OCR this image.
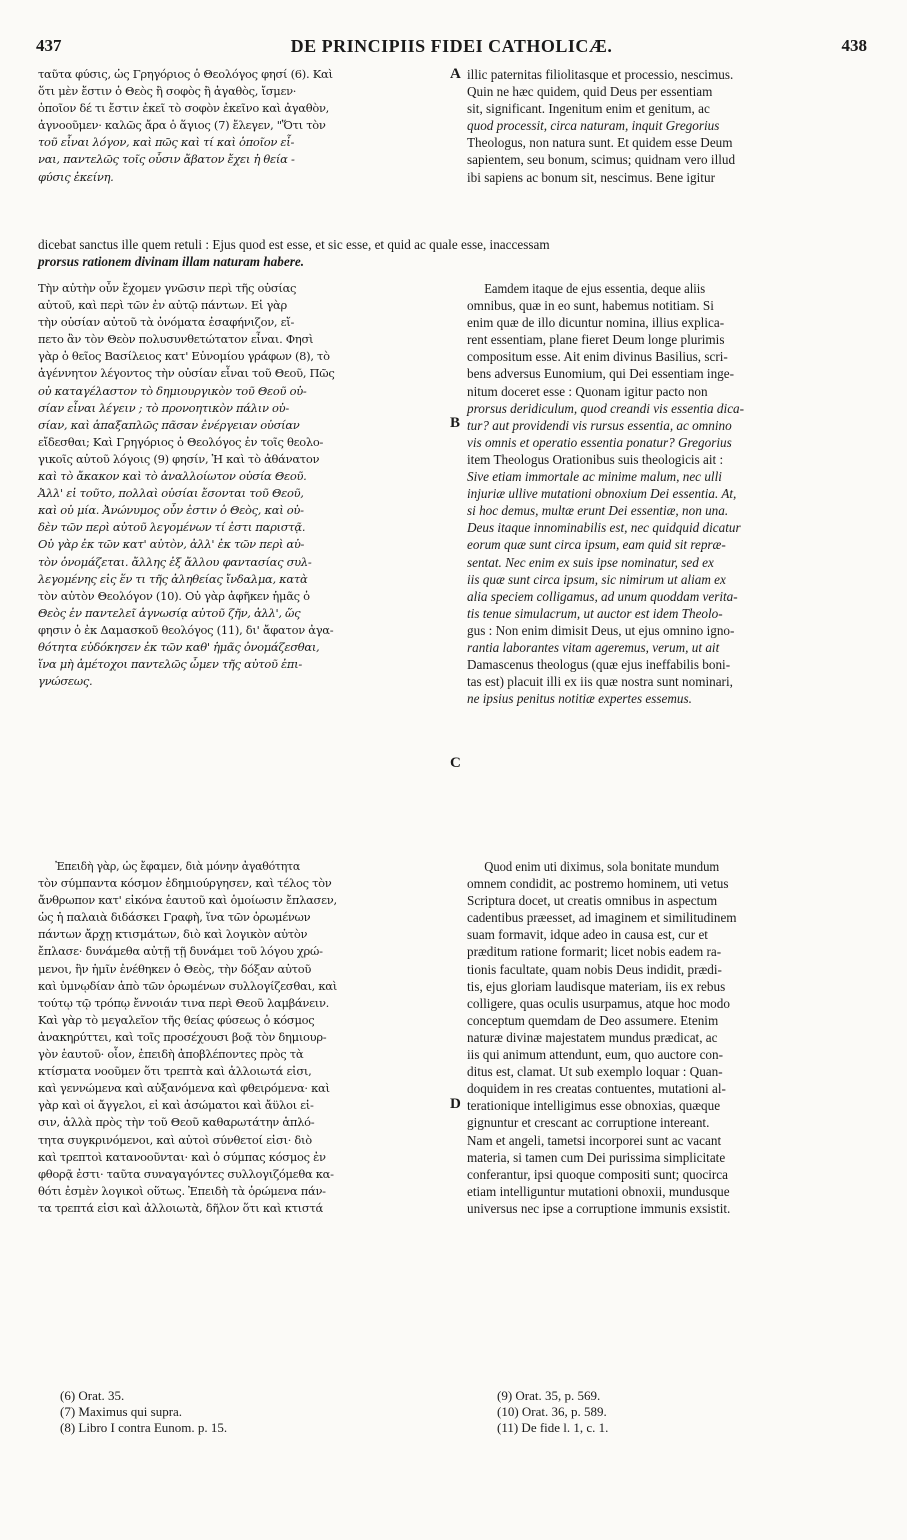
437	DE PRINCIPIIS FIDEI CATHOLICÆ.	438
ταῦτα φύσις, ὡς Γρηγόριος ὁ Θεολόγος φησί (6). Καὶ
ὅτι μὲν ἔστιν ὁ Θεὸς ἢ σοφὸς ἢ ἀγαθὸς, ἴσμεν·
ὁποῖον δέ τι ἔστιν ἐκεῖ τὸ σοφὸν ἐκεῖνο καὶ ἀγαθὸν,
ἀγνοοῦμεν· καλῶς ἄρα ὁ ἅγιος (7) ἔλεγεν, "Ὅτι τὸν
τοῦ εἶναι λόγον, καὶ πῶς καὶ τί καὶ ὁποῖον εἶ-
ναι, παντελῶς τοῖς οὖσιν ἄβατον ἔχει ἡ θεία -
φύσις ἐκείνη.
A illic paternitas filiolitasque et processio, nescimus.
Quin ne hæc quidem, quid Deus per essentiam
sit, significant. Ingenitum enim et genitum, ac
quod processit, circa naturam, inquit Gregorius
Theologus, non natura sunt. Et quidem esse Deum
sapientem, seu bonum, scimus; quidnam vero illud
ibi sapiens ac bonum sit, nescimus. Bene igitur
dicebat sanctus ille quem retuli : Ejus quod est esse, et sic esse, et quid ac quale esse, inaccessam
prorsus rationem divinam illam naturam habere.
Τὴν αὐτὴν οὖν ἔχομεν γνῶσιν περὶ τῆς οὐσίας
αὐτοῦ, καὶ περὶ τῶν ἐν αὐτῷ πάντων. Εἰ γὰρ
τὴν οὐσίαν αὐτοῦ τὰ ὀνόματα ἐσαφήνιζον, εἴ-
πετο ἂν τὸν Θεὸν πολυσυνθετώτατον εἶναι. Φησὶ
γὰρ ὁ θεῖος Βασίλειος κατ' Εὐνομίου γράφων (8), τὸ
ἀγέννητον λέγοντος τὴν οὐσίαν εἶναι τοῦ Θεοῦ, Πῶς
οὐ καταγέλαστον τὸ δημιουργικὸν τοῦ Θεοῦ οὐ-
σίαν εἶναι λέγειν ; τὸ προνοητικὸν πάλιν οὐ-
σίαν, καὶ ἁπαξαπλῶς πᾶσαν ἐνέργειαν οὐσίαν
εἴδεσθαι; Καὶ Γρηγόριος ὁ Θεολόγος ἐν τοῖς θεολο-
γικοῖς αὐτοῦ λόγοις (9) φησίν, Ἡ καὶ τὸ ἀθάνατον
καὶ τὸ ἄκακον καὶ τὸ ἀναλλοίωτον οὐσία Θεοῦ.
Ἀλλ' εἰ τοῦτο, πολλαὶ οὐσίαι ἔσονται τοῦ Θεοῦ,
καὶ οὐ μία. Ἀνώνυμος οὖν ἐστιν ὁ Θεὸς, καὶ οὐ-
δὲν τῶν περὶ αὐτοῦ λεγομένων τί ἐστι παριστᾷ.
Οὐ γὰρ ἐκ τῶν κατ' αὐτὸν, ἀλλ' ἐκ τῶν περὶ αὐ-
τὸν ὀνομάζεται. ἄλλης ἐξ ἄλλου φαντασίας συλ-
λεγομένης εἰς ἕν τι τῆς ἀληθείας ἴνδαλμα, κατὰ
τὸν αὐτὸν Θεολόγον (10). Οὐ γὰρ ἀφῆκεν ἡμᾶς ὁ
Θεὸς ἐν παντελεῖ ἀγνωσίᾳ αὐτοῦ ζῆν, ἀλλ', ὥς
φησιν ὁ ἐκ Δαμασκοῦ θεολόγος (11), δι' ἄφατον ἀγα-
θότητα εὐδόκησεν ἐκ τῶν καθ' ἡμᾶς ὀνομάζεσθαι,
ἵνα μὴ ἀμέτοχοι παντελῶς ὦμεν τῆς αὐτοῦ ἐπι-
γνώσεως.
B
C
Eamdem itaque de ejus essentia, deque aliis
omnibus, quæ in eo sunt, habemus notitiam. Si
enim quæ de illo dicuntur nomina, illius explica-
rent essentiam, plane fieret Deum longe plurimis
compositum esse. Ait enim divinus Basilius, scri-
bens adversus Eunomium, qui Dei essentiam inge-
nitum doceret esse : Quonam igitur pacto non
prorsus deridiculum, quod creandi vis essentia dica-
tur? aut providendi vis rursus essentia, ac omnino
vis omnis et operatio essentia ponatur? Gregorius
item Theologus Orationibus suis theologicis ait :
Sive etiam immortale ac minime malum, nec ulli
injuriæ ullive mutationi obnoxium Dei essentia. At,
si hoc demus, multæ erunt Dei essentiæ, non una.
Deus itaque innominabilis est, nec quidquid dicatur
eorum quæ sunt circa ipsum, eam quid sit repræ-
sentat. Nec enim ex suis ipse nominatur, sed ex
iis quæ sunt circa ipsum, sic nimirum ut aliam ex
alia speciem colligamus, ad unum quoddam verita-
tis tenue simulacrum, ut auctor est idem Theolo-
gus : Non enim dimisit Deus, ut ejus omnino igno-
rantia laborantes vitam ageremus, verum, ut ait
Damascenus theologus (quæ ejus ineffabilis boni-
tas est) placuit illi ex iis quæ nostra sunt nominari,
ne ipsius penitus notitiæ expertes essemus.
Ἐπειδὴ γὰρ, ὡς ἔφαμεν, διὰ μόνην ἀγαθότητα
τὸν σύμπαντα κόσμον ἐδημιούργησεν, καὶ τέλος τὸν
ἄνθρωπον κατ' εἰκόνα ἑαυτοῦ καὶ ὁμοίωσιν ἔπλασεν,
ὡς ἡ παλαιὰ διδάσκει Γραφὴ, ἵνα τῶν ὁρωμένων
πάντων ἄρχῃ κτισμάτων, διὸ καὶ λογικὸν αὐτὸν
ἔπλασε· δυνάμεθα αὐτῇ τῇ δυνάμει τοῦ λόγου χρώ-
μενοι, ἣν ἡμῖν ἐνέθηκεν ὁ Θεὸς, τὴν δόξαν αὐτοῦ
καὶ ὑμνῳδίαν ἀπὸ τῶν ὁρωμένων συλλογίζεσθαι, καὶ
τούτῳ τῷ τρόπῳ ἔννοιάν τινα περὶ Θεοῦ λαμβάνειν.
Καὶ γὰρ τὸ μεγαλεῖον τῆς θείας φύσεως ὁ κόσμος
ἀνακηρύττει, καὶ τοῖς προσέχουσι βοᾷ τὸν δημιουρ-
γὸν ἑαυτοῦ· οἷον, ἐπειδὴ ἀποβλέποντες πρὸς τὰ
κτίσματα νοοῦμεν ὅτι τρεπτὰ καὶ ἀλλοιωτά εἰσι,
καὶ γεννώμενα καὶ αὐξανόμενα καὶ φθειρόμενα· καὶ
γὰρ καὶ οἱ ἄγγελοι, εἰ καὶ ἀσώματοι καὶ ἄϋλοι εἰ-
σιν, ἀλλὰ πρὸς τὴν τοῦ Θεοῦ καθαρωτάτην ἁπλό-
τητα συγκρινόμενοι, καὶ αὐτοὶ σύνθετοί εἰσι· διὸ
καὶ τρεπτοὶ κατανοοῦνται· καὶ ὁ σύμπας κόσμος ἐν
φθορᾷ ἐστι· ταῦτα συναγαγόντες συλλογιζόμεθα κα-
θότι ἐσμὲν λογικοὶ οὕτως. Ἐπειδὴ τὰ ὁρώμενα πάν-
τα τρεπτά εἰσι καὶ ἀλλοιωτὰ, δῆλον ὅτι καὶ κτιστά
D
Quod enim uti diximus, sola bonitate mundum
omnem condidit, ac postremo hominem, uti vetus
Scriptura docet, ut creatis omnibus in aspectum
cadentibus præesset, ad imaginem et similitudinem
suam formavit, idque adeo in causa est, cur et
præditum ratione formarit; licet nobis eadem ra-
tionis facultate, quam nobis Deus indidit, prædi-
tis, ejus gloriam laudisque materiam, iis ex rebus
colligere, quas oculis usurpamus, atque hoc modo
conceptum quemdam de Deo assumere. Etenim
naturæ divinæ majestatem mundus prædicat, ac
iis qui animum attendunt, eum, quo auctore con-
ditus est, clamat. Ut sub exemplo loquar : Quan-
doquidem in res creatas contuentes, mutationi al-
terationique intelligimus esse obnoxias, quæque
gignuntur et crescant ac corruptione intereant.
Nam et angeli, tametsi incorporei sunt ac vacant
materia, si tamen cum Dei purissima simplicitate
conferantur, ipsi quoque compositi sunt; quocirca
etiam intelliguntur mutationi obnoxii, mundusque
universus nec ipse a corruptione immunis exsistit.
(6) Orat. 35.
(7) Maximus qui supra.
(8) Libro I contra Eunom. p. 15.
(9) Orat. 35, p. 569.
(10) Orat. 36, p. 589.
(11) De fide l. 1, c. 1.
